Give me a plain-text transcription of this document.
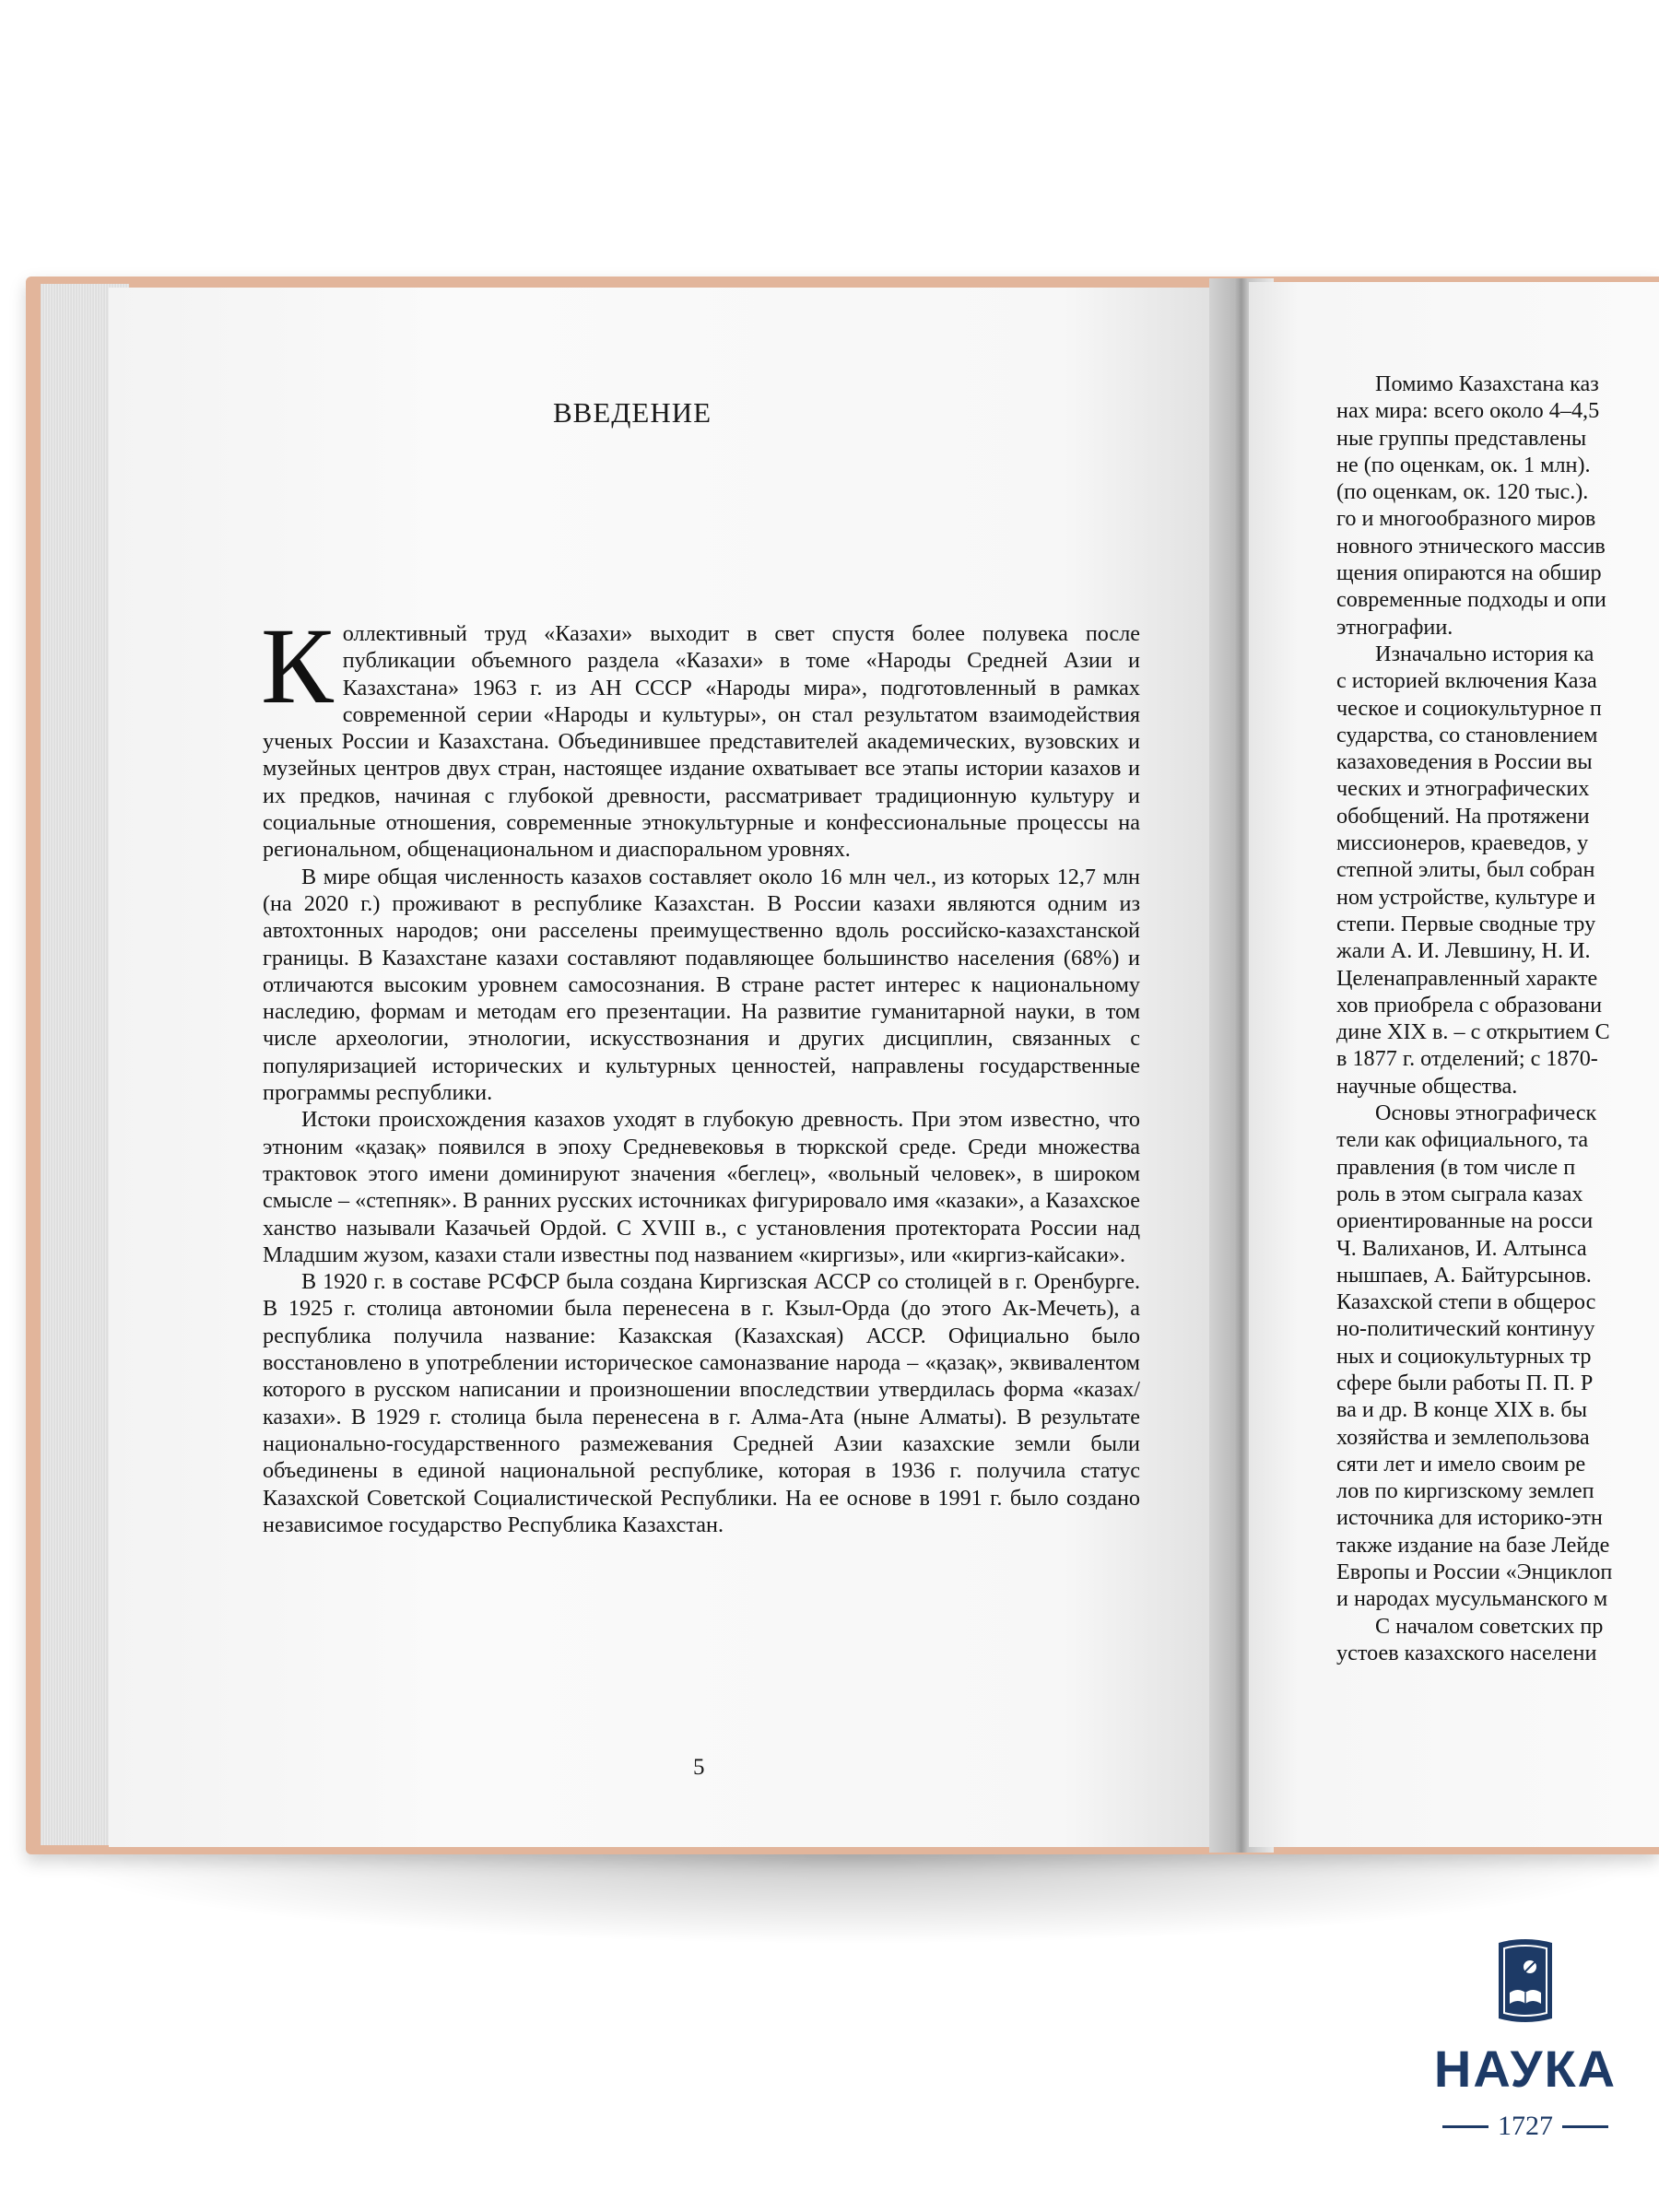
ВВЕДЕНИЕ

Коллективный труд «Казахи» выходит в свет спустя более полувека после публикации объемного раздела «Казахи» в томе «Народы Средней Азии и Казахстана» 1963 г. из АН СССР «Народы мира», подготовленный в рамках современной серии «Народы и культуры», он стал результатом взаимодействия ученых России и Казахстана. Объединившее представителей академических, вузовских и музейных центров двух стран, настоящее издание охватывает все этапы истории казахов и их предков, начиная с глубокой древности, рассматривает традиционную культуру и социальные отношения, современные этнокультурные и конфессиональные процессы на региональном, общенациональном и диаспоральном уровнях.

В мире общая численность казахов составляет около 16 млн чел., из которых 12,7 млн (на 2020 г.) проживают в республике Казахстан. В России казахи являются одним из автохтонных народов; они расселены преимущественно вдоль российско-казахстанской границы. В Казахстане казахи составляют подавляющее большинство населения (68%) и отличаются высоким уровнем самосознания. В стране растет интерес к национальному наследию, формам и методам его презентации. На развитие гуманитарной науки, в том числе археологии, этнологии, искусствознания и других дисциплин, связанных с популяризацией исторических и культурных ценностей, направлены государственные программы республики.

Истоки происхождения казахов уходят в глубокую древность. При этом известно, что этноним «қазақ» появился в эпоху Средневековья в тюркской среде. Среди множества трактовок этого имени доминируют значения «беглец», «вольный человек», в широком смысле – «степняк». В ранних русских источниках фигурировало имя «казаки», а Казахское ханство называли Казачьей Ордой. С XVIII в., с установления протектората России над Младшим жузом, казахи стали известны под названием «киргизы», или «киргиз-кайсаки».

В 1920 г. в составе РСФСР была создана Киргизская АССР со столицей в г. Оренбурге. В 1925 г. столица автономии была перенесена в г. Кзыл-Орда (до этого Ак-Мечеть), а республика получила название: Казакская (Казахская) АССР. Официально было восстановлено в употреблении историческое самоназвание народа – «қазақ», эквивалентом которого в русском написании и произношении впоследствии утвердилась форма «казах/казахи». В 1929 г. столица была перенесена в г. Алма-Ата (ныне Алматы). В результате национально-государственного размежевания Средней Азии казахские земли были объединены в единой национальной республике, которая в 1936 г. получила статус Казахской Советской Социалистической Республики. На ее основе в 1991 г. было создано независимое государство Республика Казахстан.

5

Помимо Казахстана каз

нах мира: всего около 4–4,5

ные группы представлены

не (по оценкам, ок. 1 млн).

(по оценкам, ок. 120 тыс.).

го и многообразного миров

новного этнического массив

щения опираются на обшир

современные подходы и опи

этнографии.

Изначально история ка

с историей включения Каза

ческое и социокультурное п

сударства, со становлением

казаховедения в России вы

ческих и этнографических

обобщений. На протяжени

миссионеров, краеведов, у

степной элиты, был собран

ном устройстве, культуре и

степи. Первые сводные тру

жали А. И. Левшину, Н. И.

Целенаправленный характе

хов приобрела с образовани

дине XIX в. – с открытием С

в 1877 г. отделений; с 1870-

научные общества.

Основы этнографическ

тели как официального, та

правления (в том числе п

роль в этом сыграла казах

ориентированные на росси

Ч. Валиханов, И. Алтынса

нышпаев, А. Байтурсынов.

Казахской степи в общерос

но-политический континуу

ных и социокультурных тр

сфере были работы П. П. Р

ва и др. В конце XIX в. бы

хозяйства и землепользова

сяти лет и имело своим ре

лов по киргизскому землеп

источника для историко-этн

также издание на базе Лейде

Европы и России «Энциклоп

и народах мусульманского м

С началом советских пр

устоев казахского населени

НАУКА
1727
